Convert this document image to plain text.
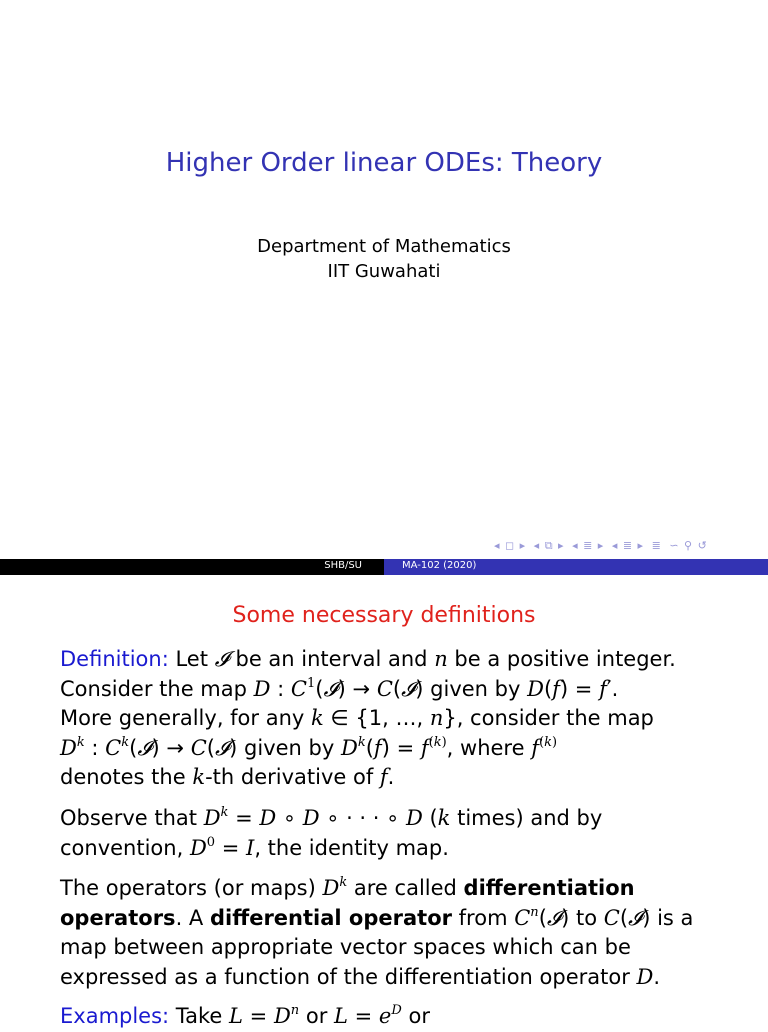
Higher Order linear ODEs: Theory
Department of Mathematics
IIT Guwahati
◂ ◻ ▸ ◂ ⧉ ▸ ◂ ≣ ▸ ◂ ≣ ▸ ≣ ∽ ⚲ ↺
SHB/SU	MA-102 (2020)
Some necessary definitions
Definition: Let 𝓘 be an interval and n be a positive integer.
Consider the map D : $C^1(𝓘)$ → C(𝓘) given by D(f) = f′.
More generally, for any k ∈ {1, …, n}, consider the map
$D^k$ : $C^k(𝓘)$ → C(𝓘) given by $D^k(f) = f^{(k)}$, where $f^{(k)}$
denotes the k-th derivative of f.
Observe that $D^k = D$ ∘ D ∘ · · · ∘ D (k times) and by
convention, $D^0 = I$, the identity map.
The operators (or maps) $D^k$ are called differentiation
operators. A differential operator from $C^n(𝓘)$ to C(𝓘) is a
map between appropriate vector spaces which can be
expressed as a function of the differentiation operator D.
Examples: Take $L = D^n$ or $L = e^D$ or
